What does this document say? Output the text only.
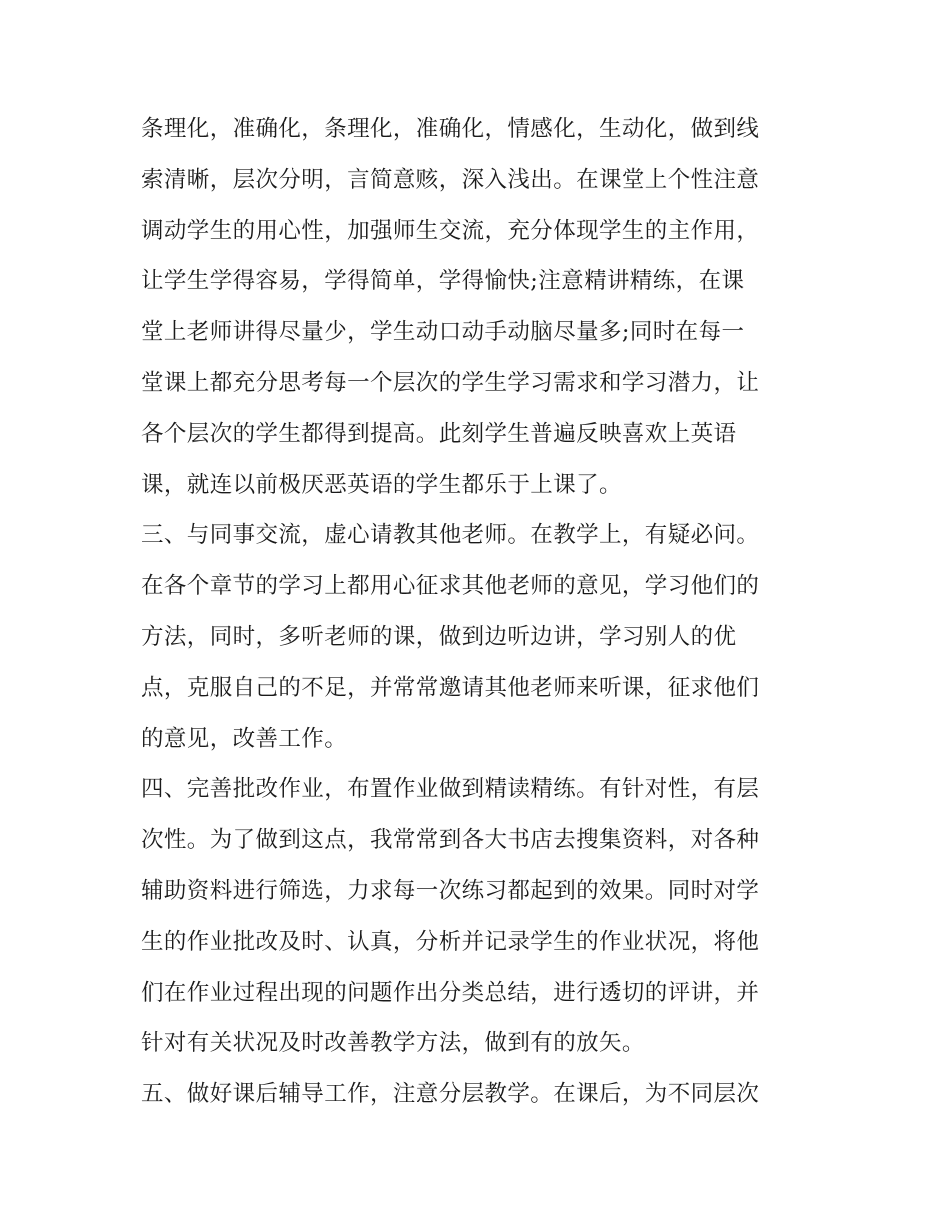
条理化，准确化，条理化，准确化，情感化，生动化，做到线
索清晰，层次分明，言简意赅，深入浅出。在课堂上个性注意
调动学生的用心性，加强师生交流，充分体现学生的主作用，
让学生学得容易，学得简单，学得愉快;注意精讲精练，在课
堂上老师讲得尽量少，学生动口动手动脑尽量多;同时在每一
堂课上都充分思考每一个层次的学生学习需求和学习潜力，让
各个层次的学生都得到提高。此刻学生普遍反映喜欢上英语
课，就连以前极厌恶英语的学生都乐于上课了。
三、与同事交流，虚心请教其他老师。在教学上，有疑必问。
在各个章节的学习上都用心征求其他老师的意见，学习他们的
方法，同时，多听老师的课，做到边听边讲，学习别人的优
点，克服自己的不足，并常常邀请其他老师来听课，征求他们
的意见，改善工作。
四、完善批改作业，布置作业做到精读精练。有针对性，有层
次性。为了做到这点，我常常到各大书店去搜集资料，对各种
辅助资料进行筛选，力求每一次练习都起到的效果。同时对学
生的作业批改及时、认真，分析并记录学生的作业状况，将他
们在作业过程出现的问题作出分类总结，进行透切的评讲，并
针对有关状况及时改善教学方法，做到有的放矢。
五、做好课后辅导工作，注意分层教学。在课后，为不同层次
